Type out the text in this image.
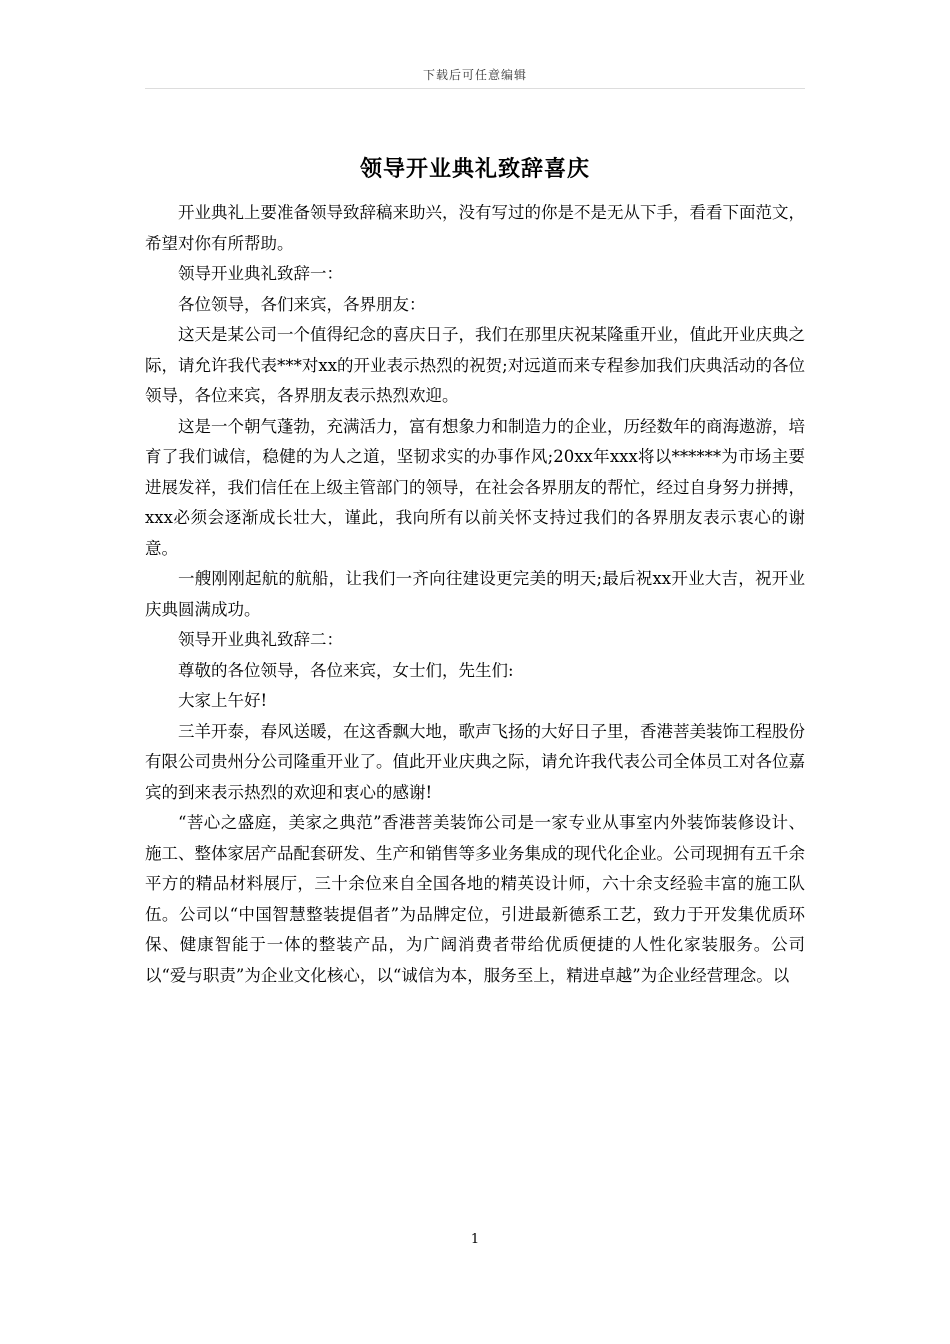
下载后可任意编辑
领导开业典礼致辞喜庆

开业典礼上要准备领导致辞稿来助兴，没有写过的你是不是无从下手，看看下面范文，希望对你有所帮助。

领导开业典礼致辞一：

各位领导，各们来宾，各界朋友：

这天是某公司一个值得纪念的喜庆日子，我们在那里庆祝某隆重开业，值此开业庆典之际，请允许我代表***对xx的开业表示热烈的祝贺;对远道而来专程参加我们庆典活动的各位领导，各位来宾，各界朋友表示热烈欢迎。

这是一个朝气蓬勃，充满活力，富有想象力和制造力的企业，历经数年的商海遨游，培育了我们诚信，稳健的为人之道，坚韧求实的办事作风;20xx年xxx将以******为市场主要进展发祥，我们信任在上级主管部门的领导，在社会各界朋友的帮忙，经过自身努力拼搏，xxx必须会逐渐成长壮大，谨此，我向所有以前关怀支持过我们的各界朋友表示衷心的谢意。

一艘刚刚起航的航船，让我们一齐向往建设更完美的明天;最后祝xx开业大吉，祝开业庆典圆满成功。

领导开业典礼致辞二：

尊敬的各位领导，各位来宾，女士们，先生们:

大家上午好!

三羊开泰，春风送暖，在这香飘大地，歌声飞扬的大好日子里，香港菩美装饰工程股份有限公司贵州分公司隆重开业了。值此开业庆典之际，请允许我代表公司全体员工对各位嘉宾的到来表示热烈的欢迎和衷心的感谢!

“菩心之盛庭，美家之典范”香港菩美装饰公司是一家专业从事室内外装饰装修设计、施工、整体家居产品配套研发、生产和销售等多业务集成的现代化企业。公司现拥有五千余平方的精品材料展厅，三十余位来自全国各地的精英设计师，六十余支经验丰富的施工队伍。公司以“中国智慧整装提倡者”为品牌定位，引进最新德系工艺，致力于开发集优质环保、健康智能于一体的整装产品，为广阔消费者带给优质便捷的人性化家装服务。公司以“爱与职责”为企业文化核心，以“诚信为本，服务至上，精进卓越”为企业经营理念。以

1
